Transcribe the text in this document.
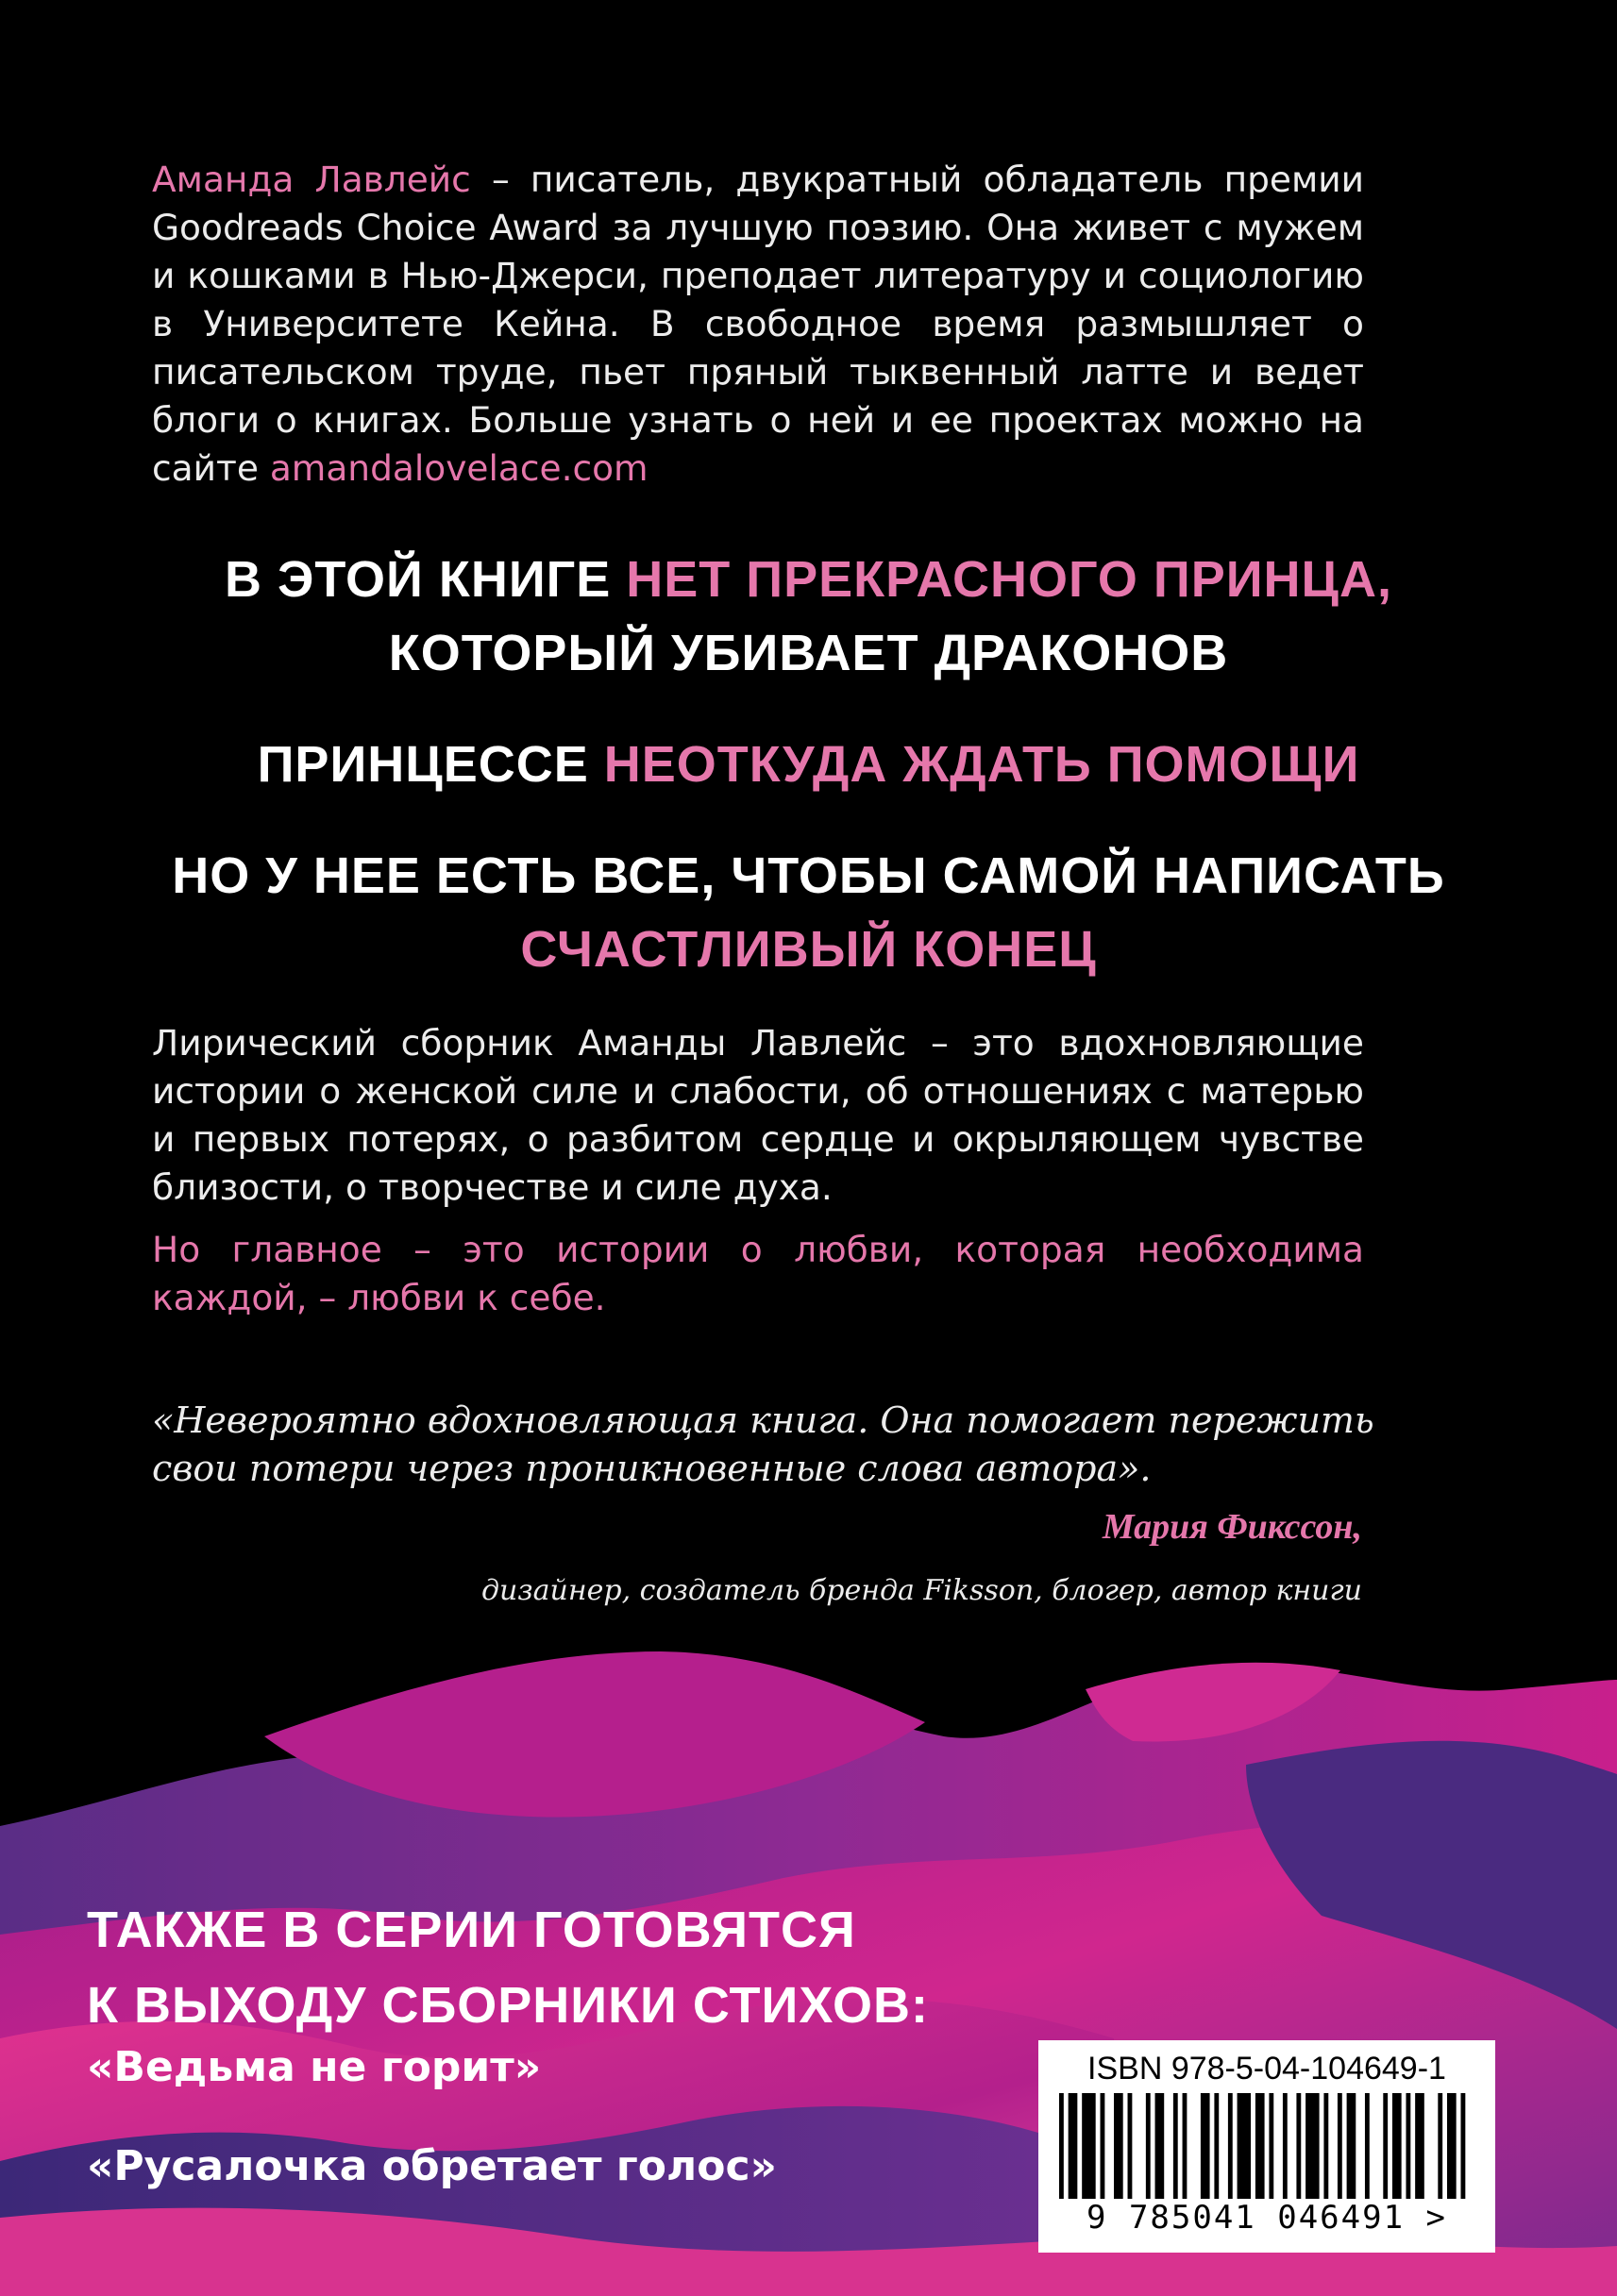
Аманда Лавлейс – писатель, двукратный обладатель премии Goodreads Choice Award за лучшую поэзию. Она живет с мужем и кошками в Нью-Джерси, преподает литературу и социологию в Университете Кейна. В свободное время размышляет о писательском труде, пьет пряный тыквенный латте и ведет блоги о книгах. Больше узнать о ней и ее проектах можно на сайте amandalovelace.com

В ЭТОЙ КНИГЕ НЕТ ПРЕКРАСНОГО ПРИНЦА,
КОТОРЫЙ УБИВАЕТ ДРАКОНОВ
ПРИНЦЕССЕ НЕОТКУДА ЖДАТЬ ПОМОЩИ
НО У НЕЕ ЕСТЬ ВСЕ, ЧТОБЫ САМОЙ НАПИСАТЬ
СЧАСТЛИВЫЙ КОНЕЦ

Лирический сборник Аманды Лавлейс – это вдохновляющие истории о женской силе и слабости, об отношениях с матерью и первых потерях, о разбитом сердце и окрыляющем чувстве близости, о творчестве и силе духа.

Но главное – это истории о любви, которая необходима каждой, – любви к себе.

«Невероятно вдохновляющая книга. Она помогает пережить свои потери через проникновенные слова автора».

Мария Фикссон,
дизайнер, создатель бренда Fiksson, блогер, автор книги

ТАКЖЕ В СЕРИИ ГОТОВЯТСЯ
К ВЫХОДУ СБОРНИКИ СТИХОВ:

«Ведьма не горит»
«Русалочка обретает голос»
ISBN 978-5-04-104649-1
9 785041 046491 >
